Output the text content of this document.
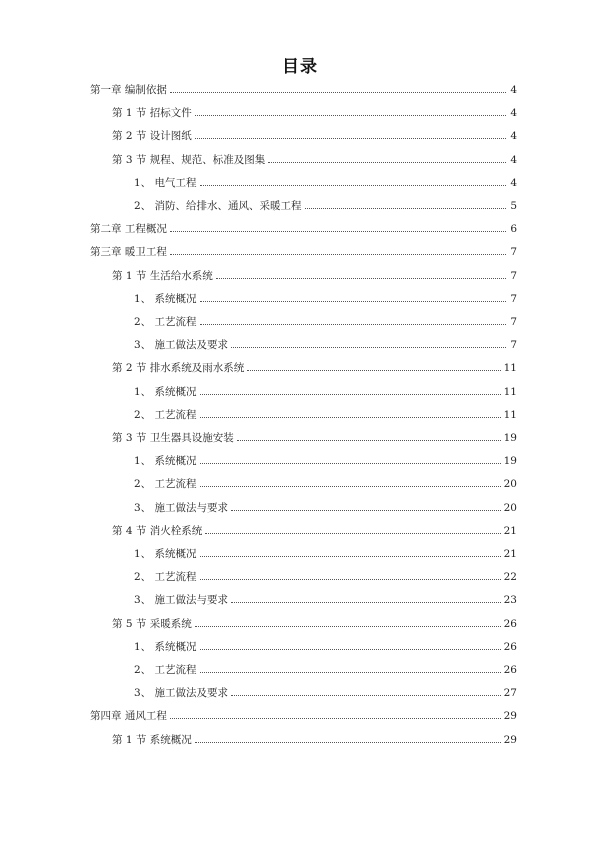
目录
第一章 编制依据	4
第 1 节 招标文件	4
第 2 节 设计图纸	4
第 3 节 规程、规范、标准及图集	4
1、 电气工程	4
2、 消防、给排水、通风、采暖工程	5
第二章 工程概况	6
第三章 暖卫工程	7
第 1 节 生活给水系统	7
1、 系统概况	7
2、 工艺流程	7
3、 施工做法及要求	7
第 2 节 排水系统及雨水系统	11
1、 系统概况	11
2、 工艺流程	11
第 3 节 卫生器具设施安装	19
1、 系统概况	19
2、 工艺流程	20
3、 施工做法与要求	20
第 4 节 消火栓系统	21
1、 系统概况	21
2、 工艺流程	22
3、 施工做法与要求	23
第 5 节 采暖系统	26
1、 系统概况	26
2、 工艺流程	26
3、 施工做法及要求	27
第四章 通风工程	29
第 1 节 系统概况	29
